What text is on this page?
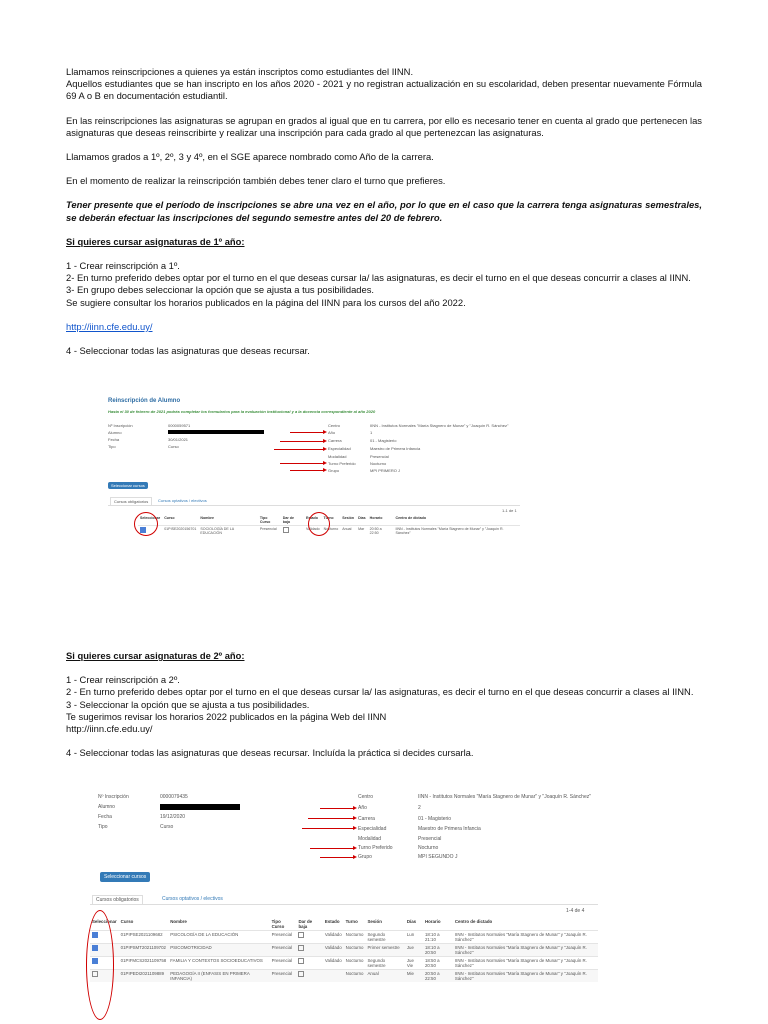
Llamamos reinscripciones a quienes ya están inscriptos como estudiantes del IINN.

Aquellos estudiantes que se han inscripto en los años 2020 - 2021 y no registran actualización en su escolaridad, deben presentar nuevamente Fórmula 69 A o B en documentación estudiantil.

En las reinscripciones las asignaturas se agrupan en grados al igual que en tu carrera, por ello es necesario tener en cuenta al grado que pertenecen las asignaturas que deseas reinscribirte y realizar una inscripción para cada grado al que pertenezcan las asignaturas.

Llamamos grados a 1º, 2º, 3 y 4º, en el SGE aparece nombrado como Año de la carrera.

En el momento de realizar la reinscripción también debes tener claro el turno que prefieres.

Tener presente que el período de inscripciones se abre una vez en el año, por lo que en el caso que la carrera tenga asignaturas semestrales, se deberán efectuar las inscripciones del segundo semestre antes del 20 de febrero.

Si quieres cursar asignaturas de 1º año:

1 - Crear reinscripción a 1º.

2- En turno preferido debes optar por el turno en el que deseas cursar la/ las asignaturas, es decir el turno en el que deseas concurrir a clases al IINN.

3- En grupo debes seleccionar la opción que se ajusta a tus posibilidades.

Se sugiere consultar los horarios publicados en la página del IINN para los cursos del año 2022.

http://iinn.cfe.edu.uy/

4 - Seleccionar todas las asignaturas que deseas recursar.

Reinscripción de Alumno
Hasta el 30 de febrero de 2021 podrás completar los formularios para la evaluación institucional y a la docencia correspondiente al año 2020
Nº Inscripción	0000059571
Alumno
Fecha	30/01/2021
Tipo	Curso
Centro	IINN - Institutos Normales "María Stagnero de Munar" y "Joaquín R. Sánchez"
Año	1
Carrera	01 - Magisterio
Especialidad	Maestro de Primera Infancia
Modalidad	Presencial
Turno Preferido	Nocturno
Grupo	MPI PRIMERO J
Seleccionar cursos
Cursos obligatorios	Cursos optativos / electivos
1-1 de 1
Seleccionar	Curso	Nombre	Tipo Curso	Dar de baja	Estado	Turno	Sesión	Días	Horario	Centro de dictado
	01PISE2020156701	SOCIOLOGÍA DE LA EDUCACIÓN	Presencial		Validado	Nocturno	Anual	Mar	20:50 a 22:50	IINN - Institutos Normales "María Stagnero de Munar" y "Joaquín R. Sánchez"

Si quieres cursar asignaturas de 2º año:

1 - Crear reinscripción a 2º.

2 - En turno preferido debes optar por el turno en el que deseas cursar la/ las asignaturas, es decir el turno en el que deseas concurrir a clases al IINN.

3 - Seleccionar la opción que se ajusta a tus posibilidades.

Te sugerimos revisar los horarios 2022 publicados en la página Web del IINN

http://iinn.cfe.edu.uy/

4 - Seleccionar todas las asignaturas que deseas recursar. Incluída la práctica si decides cursarla.

Nº Inscripción	0000079435
Alumno
Fecha	19/12/2020
Tipo	Curso
Centro	IINN - Institutos Normales "María Stagnero de Munar" y "Joaquín R. Sánchez"
Año	2
Carrera	01 - Magisterio
Especialidad	Maestro de Primera Infancia
Modalidad	Presencial
Turno Preferido	Nocturno
Grupo	MPI SEGUNDO J
Seleccionar cursos
Cursos obligatorios	Cursos optativos / electivos
1-4 de 4
Seleccionar	Curso	Nombre	Tipo Curso	Dar de baja	Estado	Turno	Sesión	Días	Horario	Centro de dictado
	01PIPSE2021109682	PSICOLOGÍA DE LA EDUCACIÓN	Presencial		Validado	Nocturno	Segundo semestre	Lun	18:10 a 21:10	IINN - Institutos Normales "María Stagnero de Munar" y "Joaquín R. Sánchez"
	01PIPSMT2021109702	PSICOMOTRICIDAD	Presencial		Validado	Nocturno	Primer semestre	Jue	18:10 a 20:50	IINN - Institutos Normales "María Stagnero de Munar" y "Joaquín R. Sánchez"
	01PIFMCS2021109758	FAMILIA Y CONTEXTOS SOCIOEDUCATIVOS	Presencial		Validado	Nocturno	Segundo semestre	Jue Vie	18:50 a 20:50	IINN - Institutos Normales "María Stagnero de Munar" y "Joaquín R. Sánchez"
	01PIPEDI2021109889	PEDAGOGÍA II (ENFASIS EN PRIMERA INFANCIA)	Presencial			Nocturno	Anual	Mie	20:50 a 22:50	IINN - Institutos Normales "María Stagnero de Munar" y "Joaquín R. Sánchez"
